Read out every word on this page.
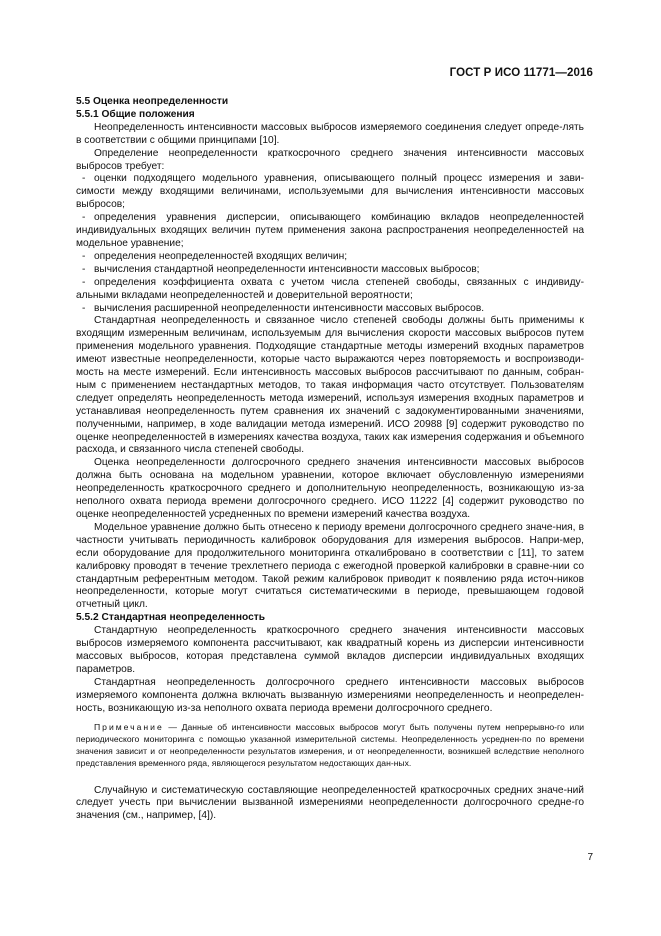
ГОСТ Р ИСО 11771—2016

5.5 Оценка неопределенности

5.5.1 Общие положения

Неопределенность интенсивности массовых выбросов измеряемого соединения следует опреде-лять в соответствии с общими принципами [10].

Определение неопределенности краткосрочного среднего значения интенсивности массовых выбросов требует:

- оценки подходящего модельного уравнения, описывающего полный процесс измерения и зави-симости между входящими величинами, используемыми для вычисления интенсивности массовых выбросов;

- определения уравнения дисперсии, описывающего комбинацию вкладов неопределенностей индивидуальных входящих величин путем применения закона распространения неопределенностей на модельное уравнение;

- определения неопределенностей входящих величин;

- вычисления стандартной неопределенности интенсивности массовых выбросов;

- определения коэффициента охвата с учетом числа степеней свободы, связанных с индивиду-альными вкладами неопределенностей и доверительной вероятности;

- вычисления расширенной неопределенности интенсивности массовых выбросов.

Стандартная неопределенность и связанное число степеней свободы должны быть применимы к входящим измеренным величинам, используемым для вычисления скорости массовых выбросов путем применения модельного уравнения. Подходящие стандартные методы измерений входных параметров имеют известные неопределенности, которые часто выражаются через повторяемость и воспроизводи-мость на месте измерений. Если интенсивность массовых выбросов рассчитывают по данным, собран-ным с применением нестандартных методов, то такая информация часто отсутствует. Пользователям следует определять неопределенность метода измерений, используя измерения входных параметров и устанавливая неопределенность путем сравнения их значений с задокументированными значениями, полученными, например, в ходе валидации метода измерений. ИСО 20988 [9] содержит руководство по оценке неопределенностей в измерениях качества воздуха, таких как измерения содержания и объемного расхода, и связанного числа степеней свободы.

Оценка неопределенности долгосрочного среднего значения интенсивности массовых выбросов должна быть основана на модельном уравнении, которое включает обусловленную измерениями неопределенность краткосрочного среднего и дополнительную неопределенность, возникающую из-за неполного охвата периода времени долгосрочного среднего. ИСО 11222 [4] содержит руководство по оценке неопределенностей усредненных по времени измерений качества воздуха.

Модельное уравнение должно быть отнесено к периоду времени долгосрочного среднего значе-ния, в частности учитывать периодичность калибровок оборудования для измерения выбросов. Напри-мер, если оборудование для продолжительного мониторинга откалибровано в соответствии с [11], то затем калибровку проводят в течение трехлетнего периода с ежегодной проверкой калибровки в сравне-нии со стандартным референтным методом. Такой режим калибровок приводит к появлению ряда источ-ников неопределенности, которые могут считаться систематическими в периоде, превышающем годовой отчетный цикл.

5.5.2 Стандартная неопределенность

Стандартную неопределенность краткосрочного среднего значения интенсивности массовых выбросов измеряемого компонента рассчитывают, как квадратный корень из дисперсии интенсивности массовых выбросов, которая представлена суммой вкладов дисперсии индивидуальных входящих параметров.

Стандартная неопределенность долгосрочного среднего интенсивности массовых выбросов измеряемого компонента должна включать вызванную измерениями неопределенность и неопределен-ность, возникающую из-за неполного охвата периода времени долгосрочного среднего.

Примечание — Данные об интенсивности массовых выбросов могут быть получены путем непрерывно-го или периодического мониторинга с помощью указанной измерительной системы. Неопределенность усреднен-по по времени значения зависит и от неопределенности результатов измерения, и от неопределенности, возникшей вследствие неполного представления временного ряда, являющегося результатом недостающих дан-ных.

Случайную и систематическую составляющие неопределенностей краткосрочных средних значе-ний следует учесть при вычислении вызванной измерениями неопределенности долгосрочного средне-го значения (см., например, [4]).

7
